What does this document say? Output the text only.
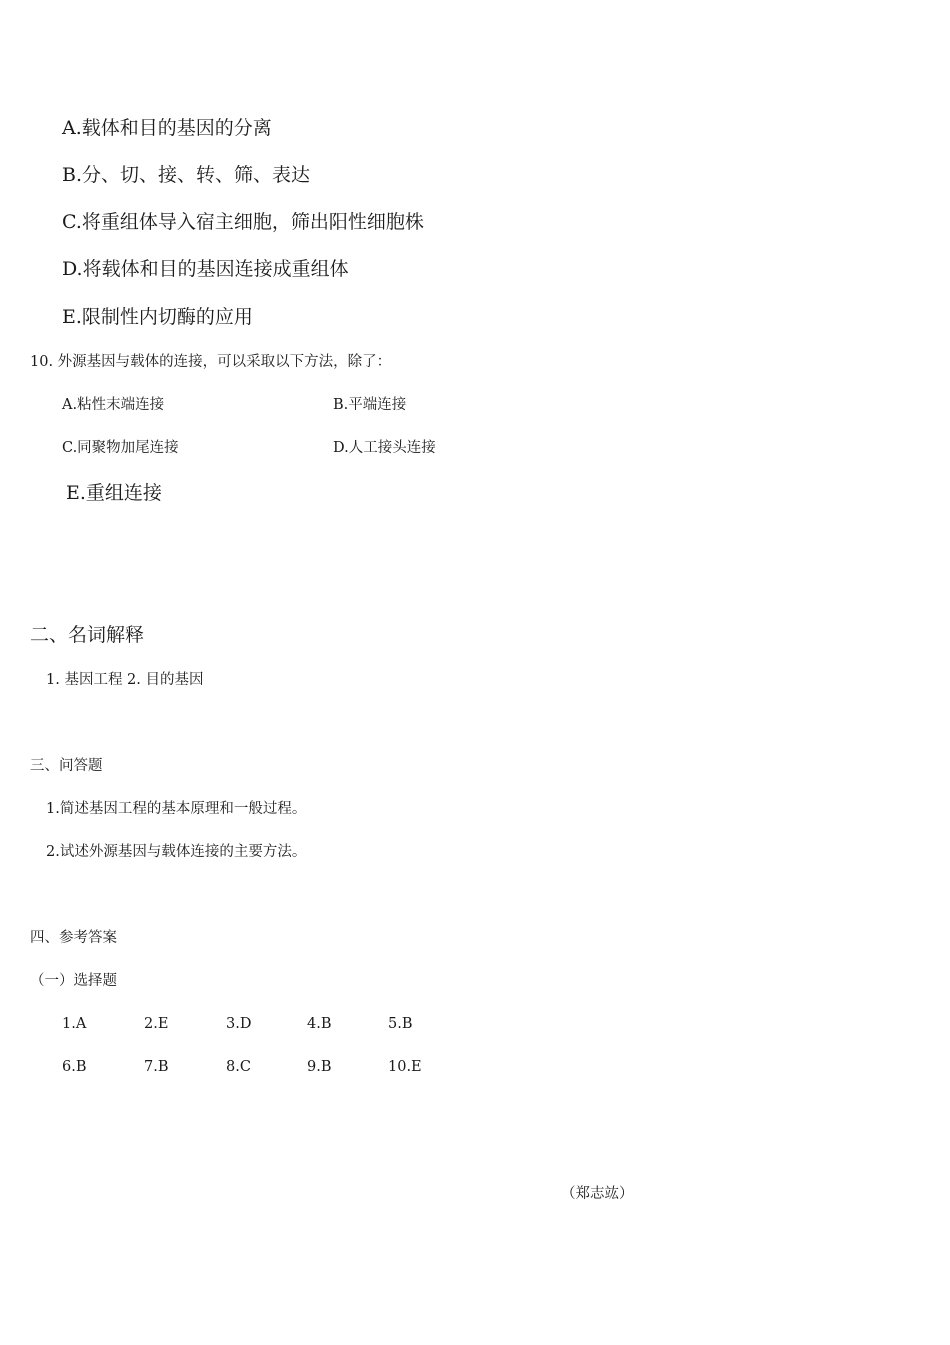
A.载体和目的基因的分离
B.分、切、接、转、筛、表达
C.将重组体导入宿主细胞，筛出阳性细胞株
D.将载体和目的基因连接成重组体
E.限制性内切酶的应用
10. 外源基因与载体的连接，可以采取以下方法，除了：
A.粘性末端连接	B.平端连接
C.同聚物加尾连接	D.人工接头连接
E.重组连接
二、名词解释
1. 基因工程 2. 目的基因
三、问答题
1.简述基因工程的基本原理和一般过程。
2.试述外源基因与载体连接的主要方法。
四、参考答案
（一）选择题
1.A	2.E	3.D	4.B	5.B
6.B	7.B	8.C	9.B	10.E
（郑志竑）
